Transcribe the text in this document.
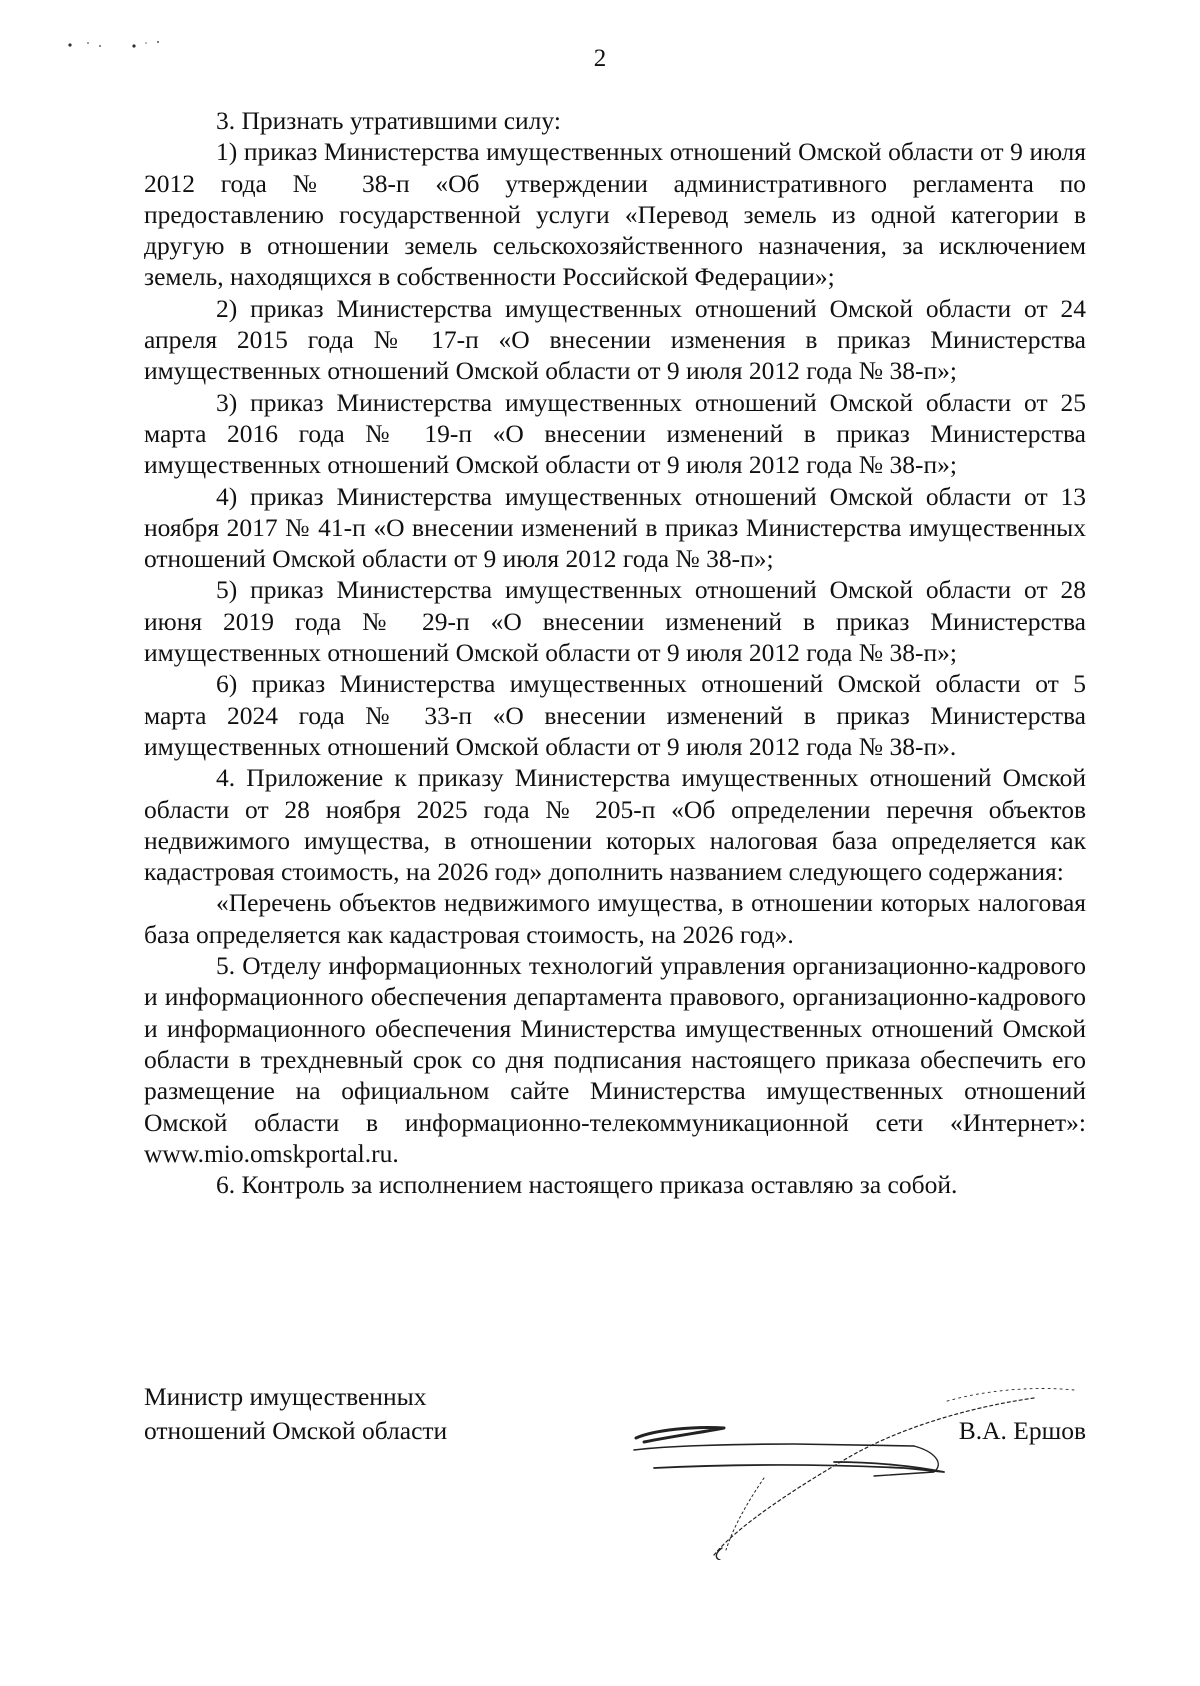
2

3. Признать утратившими силу:

1) приказ Министерства имущественных отношений Омской области от 9 июля 2012 года № 38-п «Об утверждении административного регламента по предоставлению государственной услуги «Перевод земель из одной категории в другую в отношении земель сельскохозяйственного назначения, за исключением земель, находящихся в собственности Российской Федерации»;

2) приказ Министерства имущественных отношений Омской области от 24 апреля 2015 года № 17-п «О внесении изменения в приказ Министерства имущественных отношений Омской области от 9 июля 2012 года № 38-п»;

3) приказ Министерства имущественных отношений Омской области от 25 марта 2016 года № 19-п «О внесении изменений в приказ Министерства имущественных отношений Омской области от 9 июля 2012 года № 38-п»;

4) приказ Министерства имущественных отношений Омской области от 13 ноября 2017 № 41-п «О внесении изменений в приказ Министерства имущественных отношений Омской области от 9 июля 2012 года № 38-п»;

5) приказ Министерства имущественных отношений Омской области от 28 июня 2019 года № 29-п «О внесении изменений в приказ Министерства имущественных отношений Омской области от 9 июля 2012 года № 38-п»;

6) приказ Министерства имущественных отношений Омской области от 5 марта 2024 года № 33-п «О внесении изменений в приказ Министерства имущественных отношений Омской области от 9 июля 2012 года № 38-п».

4. Приложение к приказу Министерства имущественных отношений Омской области от 28 ноября 2025 года № 205-п «Об определении перечня объектов недвижимого имущества, в отношении которых налоговая база определяется как кадастровая стоимость, на 2026 год» дополнить названием следующего содержания:

«Перечень объектов недвижимого имущества, в отношении которых налоговая база определяется как кадастровая стоимость, на 2026 год».

5. Отделу информационных технологий управления организационно-кадрового и информационного обеспечения департамента правового, организационно-кадрового и информационного обеспечения Министерства имущественных отношений Омской области в трехдневный срок со дня подписания настоящего приказа обеспечить его размещение на официальном сайте Министерства имущественных отношений Омской области в информационно-телекоммуникационной сети «Интернет»: www.mio.omskportal.ru.

6. Контроль за исполнением настоящего приказа оставляю за собой.

Министр имущественных
отношений Омской области	В.А. Ершов
